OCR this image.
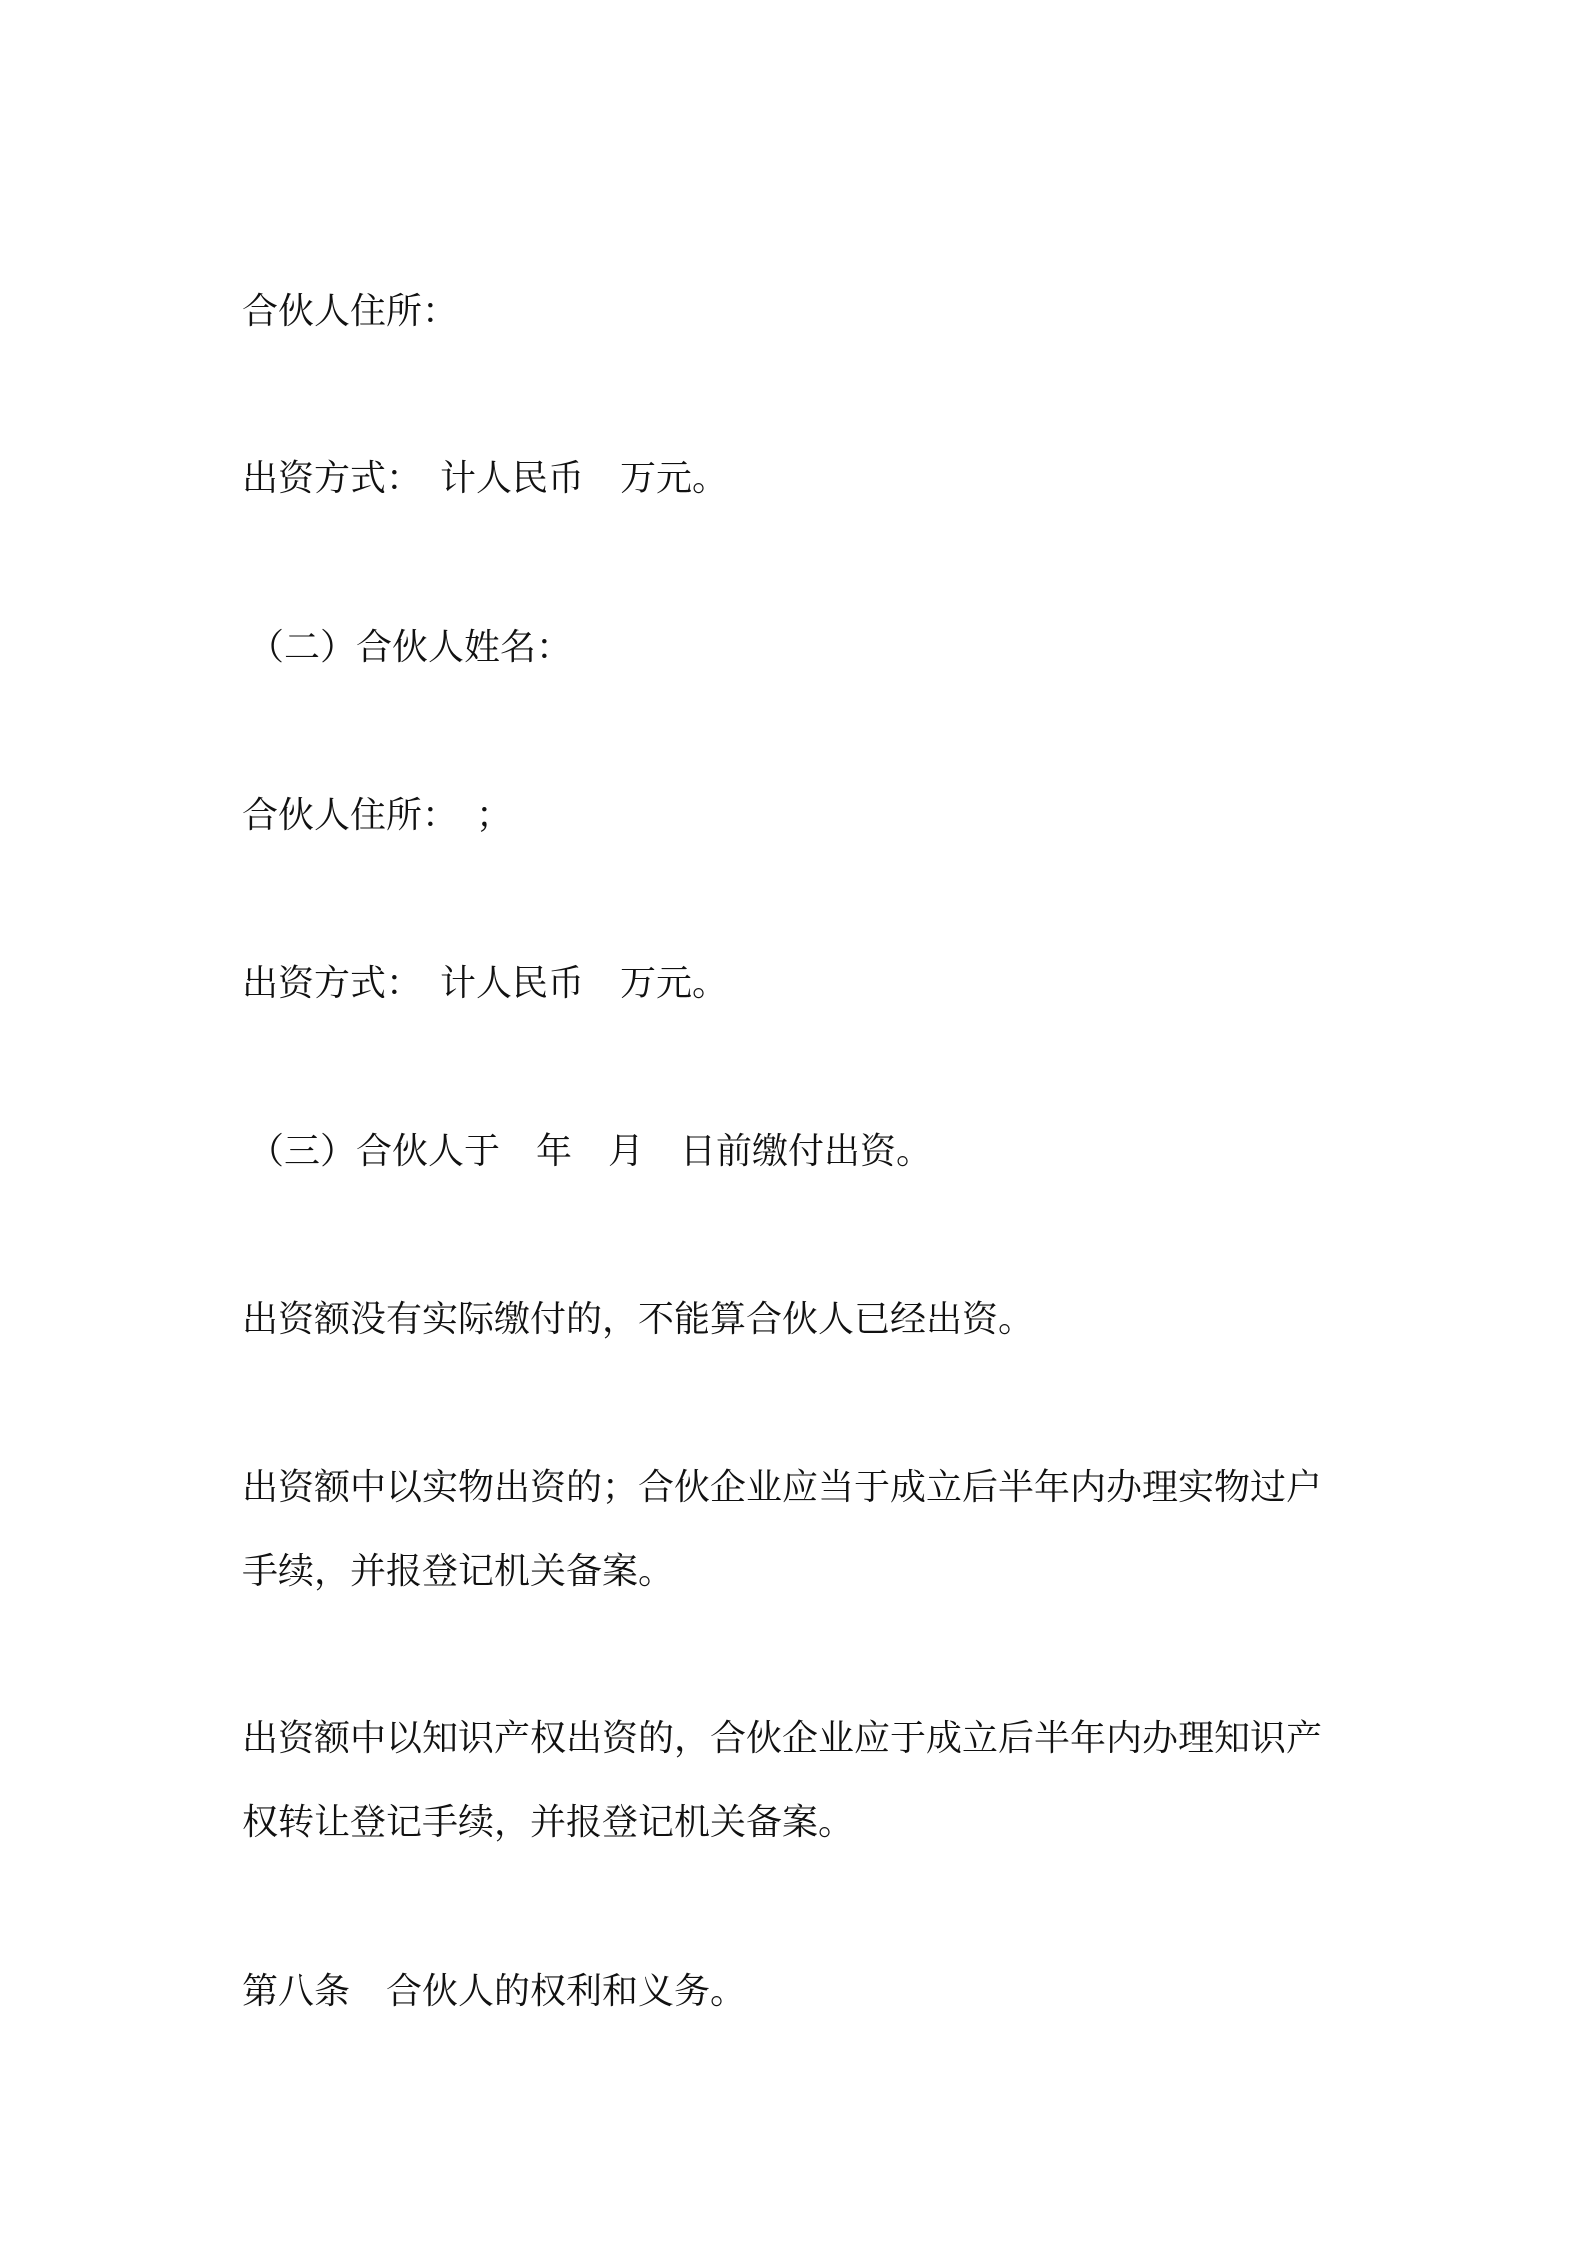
合伙人住所：
出资方式：　计人民币　万元。
（二）合伙人姓名：
合伙人住所：　；
出资方式：　计人民币　万元。
（三）合伙人于　年　月　日前缴付出资。
出资额没有实际缴付的，不能算合伙人已经出资。
出资额中以实物出资的；合伙企业应当于成立后半年内办理实物过户
手续，并报登记机关备案。
出资额中以知识产权出资的，合伙企业应于成立后半年内办理知识产
权转让登记手续，并报登记机关备案。
第八条　合伙人的权利和义务。
